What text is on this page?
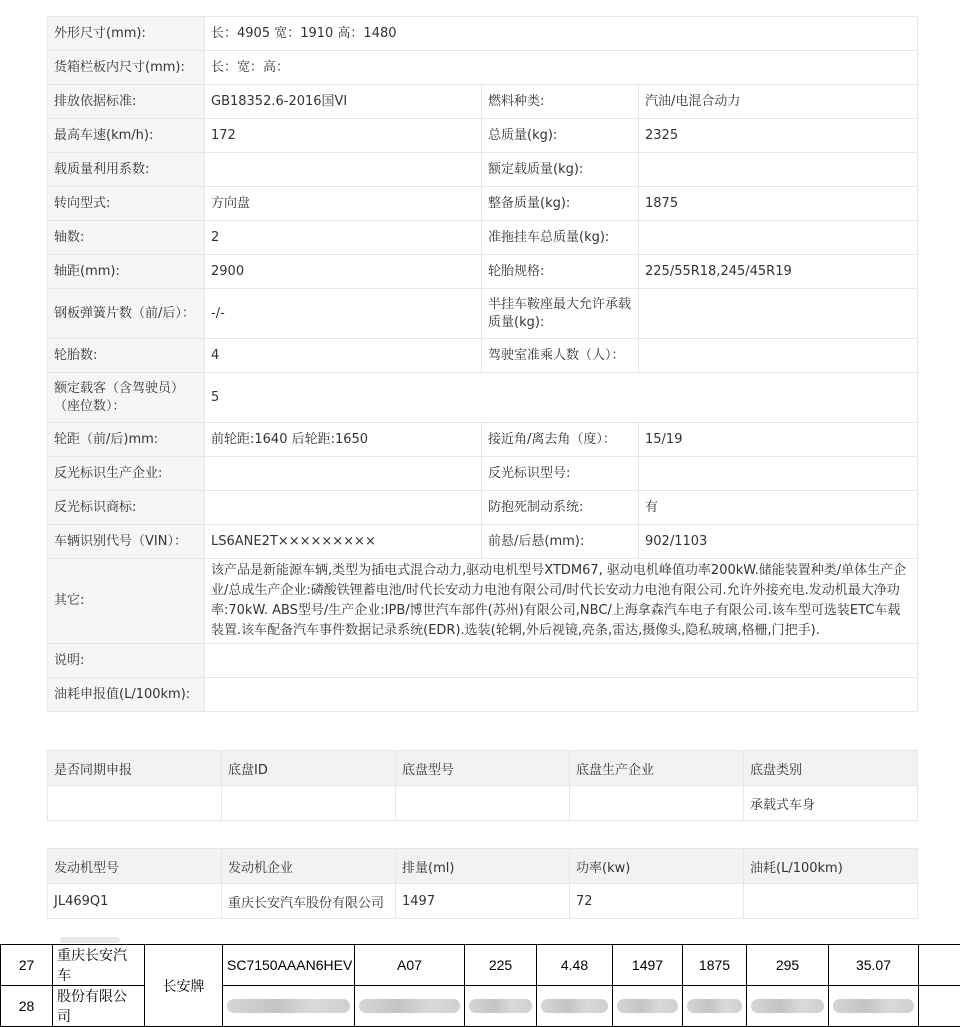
外形尺寸(mm):	长：4905 宽：1910 高：1480		
货箱栏板内尺寸(mm):	长：宽：高：		
排放依据标准:	GB18352.6-2016国VI	燃料种类:	汽油/电混合动力
最高车速(km/h):	172	总质量(kg):	2325
载质量利用系数:		额定载质量(kg):	
转向型式:	方向盘	整备质量(kg):	1875
轴数:	2	准拖挂车总质量(kg):	
轴距(mm):	2900	轮胎规格:	225/55R18,245/45R19
钢板弹簧片数（前/后）：	-/-	半挂车鞍座最大允许承载质量(kg):	
轮胎数:	4	驾驶室准乘人数（人）：	
额定载客（含驾驶员）（座位数）：	5		
轮距（前/后)mm:	前轮距:1640 后轮距:1650	接近角/离去角（度）：	15/19
反光标识生产企业:		反光标识型号:	
反光标识商标:		防抱死制动系统:	有
车辆识别代号（VIN）：	LS6ANE2T×××××××××	前悬/后悬(mm):	902/1103
其它:	该产品是新能源车辆,类型为插电式混合动力,驱动电机型号XTDM67, 驱动电机峰值功率200kW.储能装置种类/单体生产企业/总成生产企业:磷酸铁锂蓄电池/时代长安动力电池有限公司/时代长安动力电池有限公司.允许外接充电.发动机最大净功率:70kW. ABS型号/生产企业:IPB/博世汽车部件(苏州)有限公司,NBC/上海拿森汽车电子有限公司.该车型可选装ETC车载装置.该车配备汽车事件数据记录系统(EDR).选装(轮辋,外后视镜,亮条,雷达,摄像头,隐私玻璃,格栅,门把手).		
说明:			
油耗申报值(L/100km):			
是否同期申报	底盘ID	底盘型号	底盘生产企业	底盘类别
				承载式车身
发动机型号	发动机企业	排量(ml)	功率(kw)	油耗(L/100km)
JL469Q1	重庆长安汽车股份有限公司	1497	72	
27	重庆长安汽车	长安牌	SC7150AAAN6HEV	A07	225	4.48	1497	1875	295	35.07	
28	股份有限公司		
